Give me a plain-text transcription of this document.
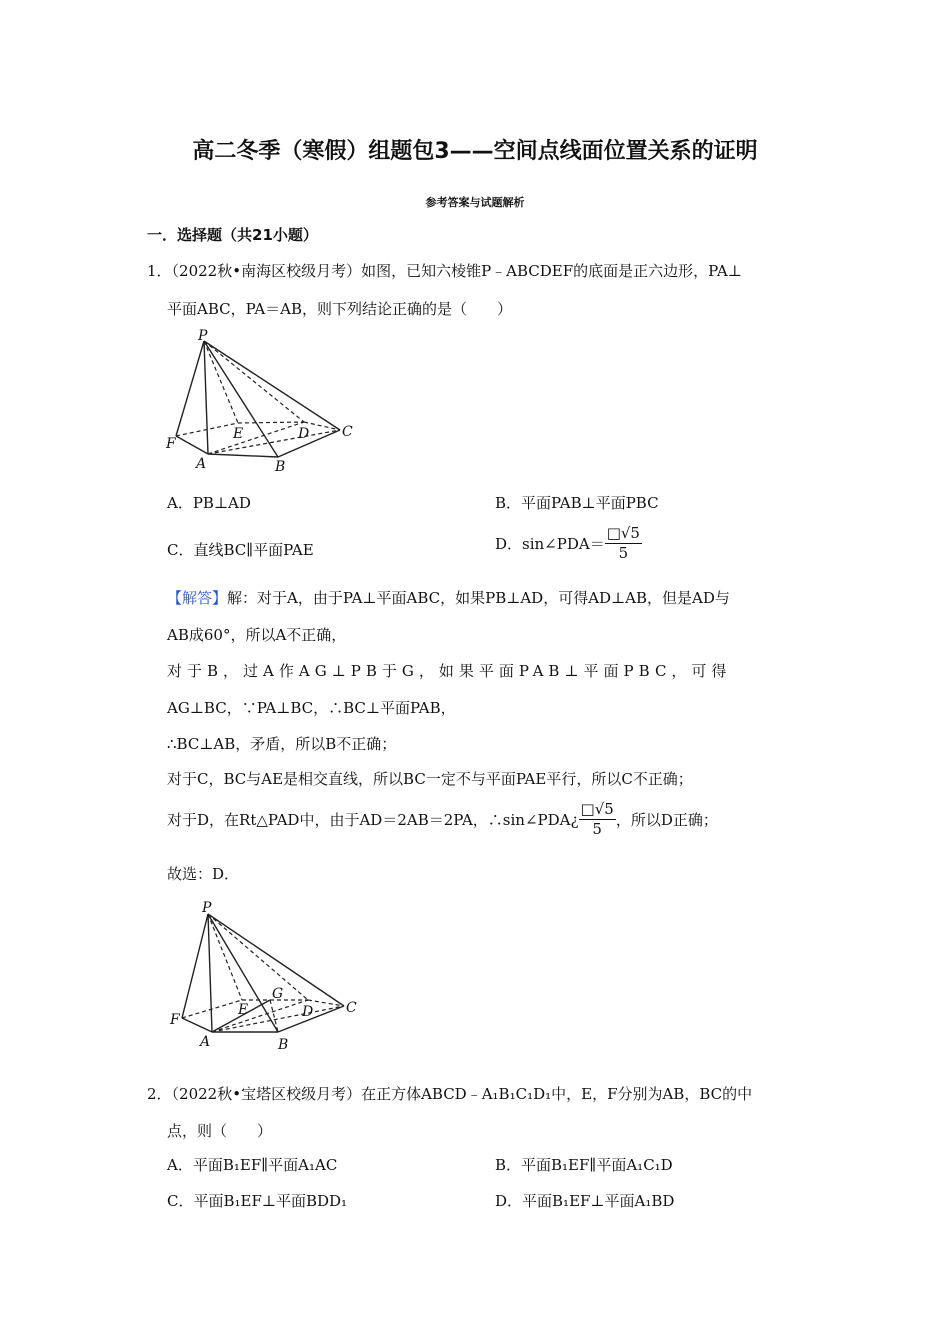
高二冬季（寒假）组题包3——空间点线面位置关系的证明
参考答案与试题解析
一．选择题（共21小题）
1．（2022秋•南海区校级月考）如图，已知六棱锥P﹣ABCDEF的底面是正六边形，PA⊥
平面ABC，PA＝AB，则下列结论正确的是（　　）
P
F
E	D C
A	B
A．PB⊥AD	B．平面PAB⊥平面PBC
C．直线BC∥平面PAE	D．sin∠PDA＝ $\frac{□√5}{5}$
【解答】解：对于A，由于PA⊥平面ABC，如果PB⊥AD，可得AD⊥AB，但是AD与
AB成60°，所以A不正确，
对于B，过A作AG⊥PB于G，如果平面PAB⊥平面PBC，可得
AG⊥BC，∵PA⊥BC，∴BC⊥平面PAB，
∴BC⊥AB，矛盾，所以B不正确；
对于C，BC与AE是相交直线，所以BC一定不与平面PAE平行，所以C不正确；
对于D，在Rt△PAD中，由于AD＝2AB＝2PA，∴sin∠PDA¿ $\frac{□√5}{5}$ ，所以D正确；
故选：D．
P
F
E
G
D C
A	B
2．（2022秋•宝塔区校级月考）在正方体ABCD﹣A₁B₁C₁D₁中，E，F分别为AB，BC的中
点，则（　　）
A．平面B₁EF∥平面A₁AC	B．平面B₁EF∥平面A₁C₁D
C．平面B₁EF⊥平面BDD₁	D．平面B₁EF⊥平面A₁BD
